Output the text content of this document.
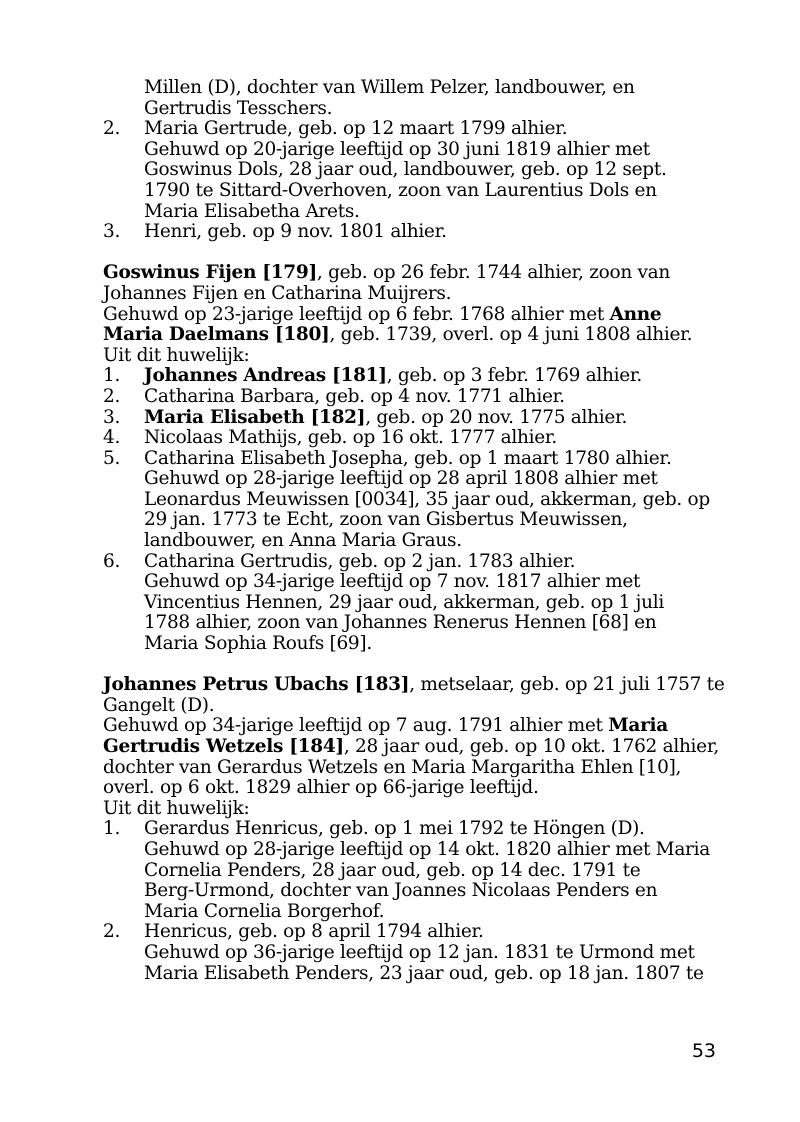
Millen (D), dochter van Willem Pelzer, landbouwer, en
Gertrudis Tesschers.
2. Maria Gertrude, geb. op 12 maart 1799 alhier.
Gehuwd op 20-jarige leeftijd op 30 juni 1819 alhier met
Goswinus Dols, 28 jaar oud, landbouwer, geb. op 12 sept.
1790 te Sittard-Overhoven, zoon van Laurentius Dols en
Maria Elisabetha Arets.
3. Henri, geb. op 9 nov. 1801 alhier.
Goswinus Fijen [179], geb. op 26 febr. 1744 alhier, zoon van
Johannes Fijen en Catharina Muijrers.
Gehuwd op 23-jarige leeftijd op 6 febr. 1768 alhier met Anne
Maria Daelmans [180], geb. 1739, overl. op 4 juni 1808 alhier.
Uit dit huwelijk:
1. Johannes Andreas [181], geb. op 3 febr. 1769 alhier.
2. Catharina Barbara, geb. op 4 nov. 1771 alhier.
3. Maria Elisabeth [182], geb. op 20 nov. 1775 alhier.
4. Nicolaas Mathijs, geb. op 16 okt. 1777 alhier.
5. Catharina Elisabeth Josepha, geb. op 1 maart 1780 alhier.
Gehuwd op 28-jarige leeftijd op 28 april 1808 alhier met
Leonardus Meuwissen [0034], 35 jaar oud, akkerman, geb. op
29 jan. 1773 te Echt, zoon van Gisbertus Meuwissen,
landbouwer, en Anna Maria Graus.
6. Catharina Gertrudis, geb. op 2 jan. 1783 alhier.
Gehuwd op 34-jarige leeftijd op 7 nov. 1817 alhier met
Vincentius Hennen, 29 jaar oud, akkerman, geb. op 1 juli
1788 alhier, zoon van Johannes Renerus Hennen [68] en
Maria Sophia Roufs [69].
Johannes Petrus Ubachs [183], metselaar, geb. op 21 juli 1757 te
Gangelt (D).
Gehuwd op 34-jarige leeftijd op 7 aug. 1791 alhier met Maria
Gertrudis Wetzels [184], 28 jaar oud, geb. op 10 okt. 1762 alhier,
dochter van Gerardus Wetzels en Maria Margaritha Ehlen [10],
overl. op 6 okt. 1829 alhier op 66-jarige leeftijd.
Uit dit huwelijk:
1. Gerardus Henricus, geb. op 1 mei 1792 te Höngen (D).
Gehuwd op 28-jarige leeftijd op 14 okt. 1820 alhier met Maria
Cornelia Penders, 28 jaar oud, geb. op 14 dec. 1791 te
Berg-Urmond, dochter van Joannes Nicolaas Penders en
Maria Cornelia Borgerhof.
2. Henricus, geb. op 8 april 1794 alhier.
Gehuwd op 36-jarige leeftijd op 12 jan. 1831 te Urmond met
Maria Elisabeth Penders, 23 jaar oud, geb. op 18 jan. 1807 te
53
